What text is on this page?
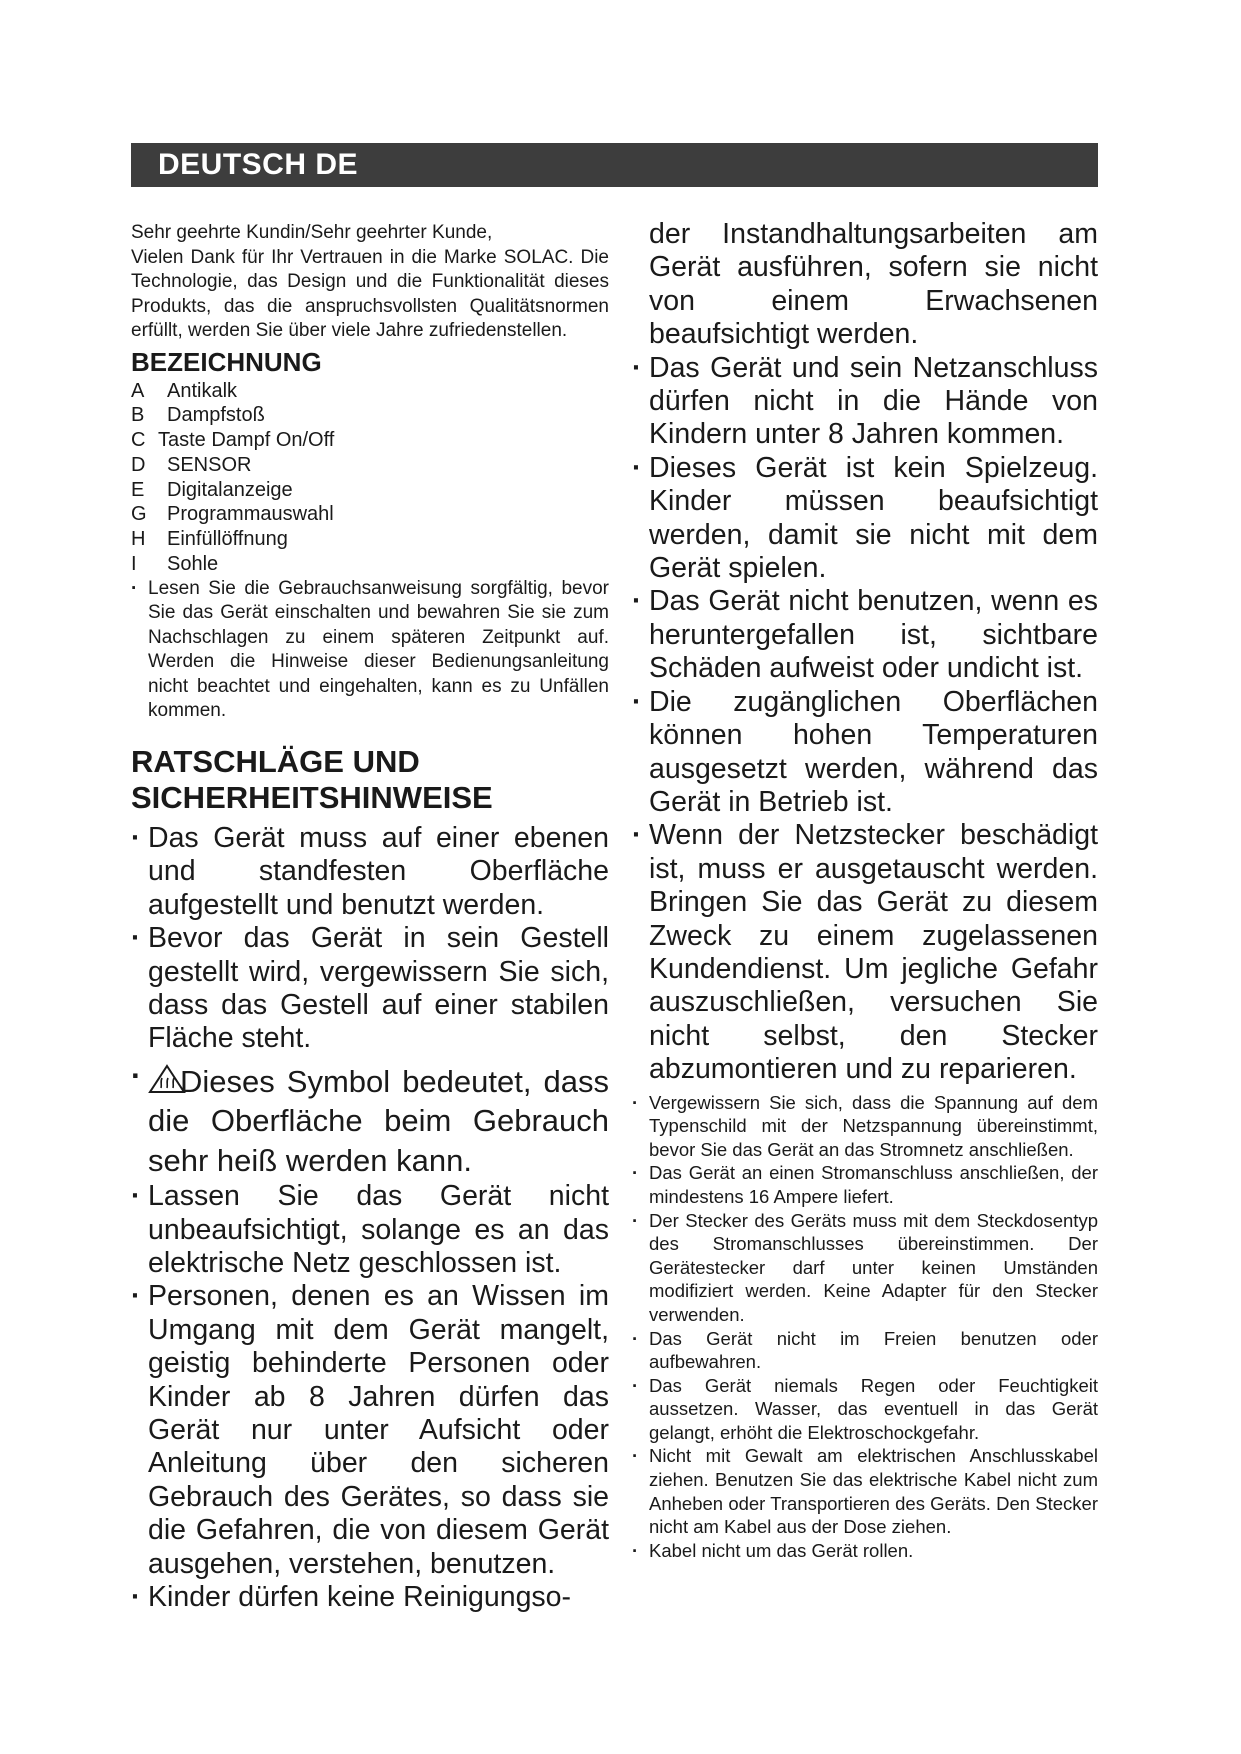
DEUTSCH DE

Sehr geehrte Kundin/Sehr geehrter Kunde,

Vielen Dank für Ihr Vertrauen in die Marke SOLAC. Die Technologie, das Design und die Funktionalität dieses Produkts, das die anspruchsvollsten Qualitätsnormen erfüllt, werden Sie über viele Jahre zufriedenstellen.

BEZEICHNUNG
A	Antikalk
B	Dampfstoß
C Taste Dampf On/Off
D	SENSOR
E	Digitalanzeige
G	Programmauswahl
H	Einfüllöffnung
I	Sohle
· Lesen Sie die Gebrauchsanweisung sorgfältig, bevor Sie das Gerät einschalten und bewahren Sie sie zum Nachschlagen zu einem späteren Zeitpunkt auf. Werden die Hinweise dieser Bedienungsanleitung nicht beachtet und eingehalten, kann es zu Unfällen kommen.
RATSCHLÄGE UND SICHERHEITSHINWEISE
· Das Gerät muss auf einer ebenen und standfesten Oberfläche aufgestellt und benutzt werden.
· Bevor das Gerät in sein Gestell gestellt wird, vergewissern Sie sich, dass das Gestell auf einer stabilen Fläche steht.
· Dieses Symbol bedeutet, dass die Oberfläche beim Gebrauch sehr heiß werden kann.
· Lassen Sie das Gerät nicht unbeaufsichtigt, solange es an das elektrische Netz geschlossen ist.
· Personen, denen es an Wissen im Umgang mit dem Gerät mangelt, geistig behinderte Personen oder Kinder ab 8 Jahren dürfen das Gerät nur unter Aufsicht oder Anleitung über den sicheren Gebrauch des Gerätes, so dass sie die Gefahren, die von diesem Gerät ausgehen, verstehen, benutzen.
· Kinder dürfen keine Reinigungso-

der Instandhaltungsarbeiten am Gerät ausführen, sofern sie nicht von einem Erwachsenen beaufsichtigt werden.

· Das Gerät und sein Netzanschluss dürfen nicht in die Hände von Kindern unter 8 Jahren kommen.
· Dieses Gerät ist kein Spielzeug. Kinder müssen beaufsichtigt werden, damit sie nicht mit dem Gerät spielen.
· Das Gerät nicht benutzen, wenn es heruntergefallen ist, sichtbare Schäden aufweist oder undicht ist.
· Die zugänglichen Oberflächen können hohen Temperaturen ausgesetzt werden, während das Gerät in Betrieb ist.
· Wenn der Netzstecker beschädigt ist, muss er ausgetauscht werden. Bringen Sie das Gerät zu diesem Zweck zu einem zugelassenen Kundendienst. Um jegliche Gefahr auszuschließen, versuchen Sie nicht selbst, den Stecker abzumontieren und zu reparieren.
· Vergewissern Sie sich, dass die Spannung auf dem Typenschild mit der Netzspannung übereinstimmt, bevor Sie das Gerät an das Stromnetz anschließen.
· Das Gerät an einen Stromanschluss anschließen, der mindestens 16 Ampere liefert.
· Der Stecker des Geräts muss mit dem Steckdosentyp des Stromanschlusses übereinstimmen. Der Gerätestecker darf unter keinen Umständen modifiziert werden. Keine Adapter für den Stecker verwenden.
· Das Gerät nicht im Freien benutzen oder aufbewahren.
· Das Gerät niemals Regen oder Feuchtigkeit aussetzen. Wasser, das eventuell in das Gerät gelangt, erhöht die Elektroschockgefahr.
· Nicht mit Gewalt am elektrischen Anschlusskabel ziehen. Benutzen Sie das elektrische Kabel nicht zum Anheben oder Transportieren des Geräts. Den Stecker nicht am Kabel aus der Dose ziehen.
· Kabel nicht um das Gerät rollen.
